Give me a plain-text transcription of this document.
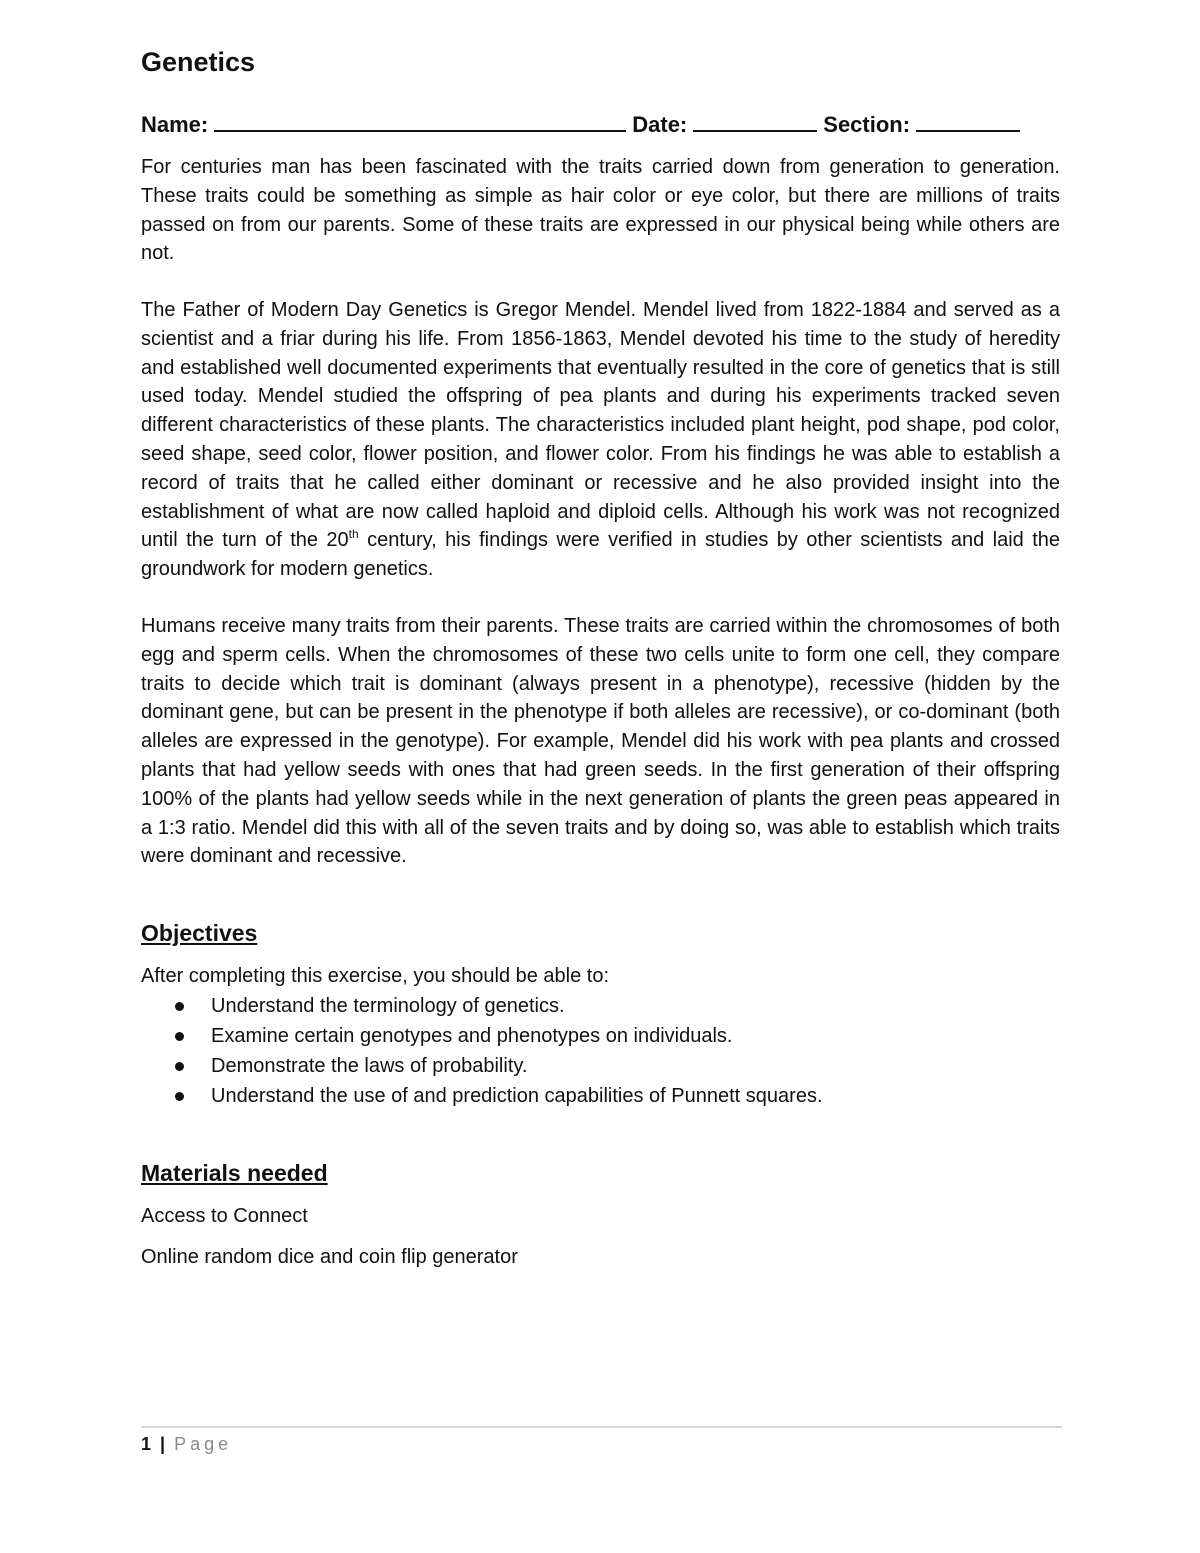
Genetics
Name:	Date:	Section:

For centuries man has been fascinated with the traits carried down from generation to generation. These traits could be something as simple as hair color or eye color, but there are millions of traits passed on from our parents. Some of these traits are expressed in our physical being while others are not.

The Father of Modern Day Genetics is Gregor Mendel. Mendel lived from 1822-1884 and served as a scientist and a friar during his life. From 1856-1863, Mendel devoted his time to the study of heredity and established well documented experiments that eventually resulted in the core of genetics that is still used today. Mendel studied the offspring of pea plants and during his experiments tracked seven different characteristics of these plants. The characteristics included plant height, pod shape, pod color, seed shape, seed color, flower position, and flower color. From his findings he was able to establish a record of traits that he called either dominant or recessive and he also provided insight into the establishment of what are now called haploid and diploid cells. Although his work was not recognized until the turn of the 20th century, his findings were verified in studies by other scientists and laid the groundwork for modern genetics.

Humans receive many traits from their parents. These traits are carried within the chromosomes of both egg and sperm cells. When the chromosomes of these two cells unite to form one cell, they compare traits to decide which trait is dominant (always present in a phenotype), recessive (hidden by the dominant gene, but can be present in the phenotype if both alleles are recessive), or co-dominant (both alleles are expressed in the genotype). For example, Mendel did his work with pea plants and crossed plants that had yellow seeds with ones that had green seeds. In the first generation of their offspring 100% of the plants had yellow seeds while in the next generation of plants the green peas appeared in a 1:3 ratio. Mendel did this with all of the seven traits and by doing so, was able to establish which traits were dominant and recessive.

Objectives

After completing this exercise, you should be able to:

Understand the terminology of genetics.
Examine certain genotypes and phenotypes on individuals.
Demonstrate the laws of probability.
Understand the use of and prediction capabilities of Punnett squares.
Materials needed

Access to Connect

Online random dice and coin flip generator

1 | Page
